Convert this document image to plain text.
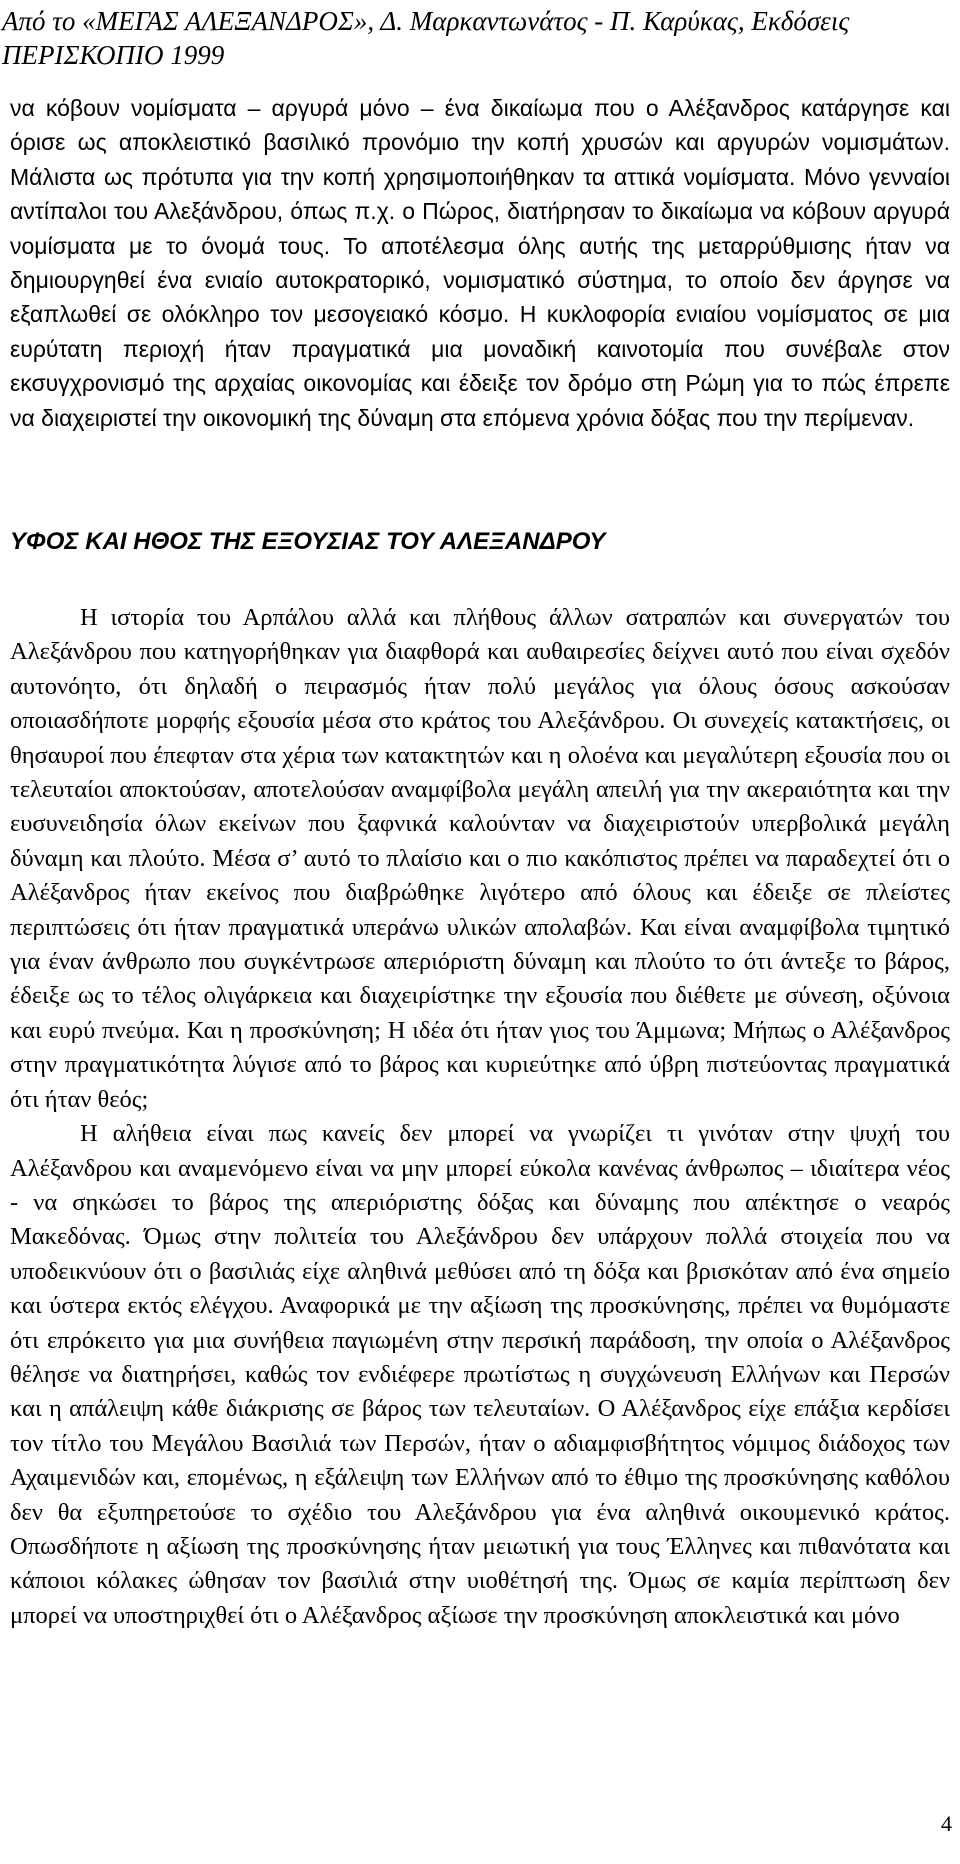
Από το «ΜΕΓΑΣ ΑΛΕΞΑΝΔΡΟΣ», Δ. Μαρκαντωνάτος - Π. Καρύκας, Εκδόσεις
ΠΕΡΙΣΚΟΠΙΟ 1999

να κόβουν νομίσματα – αργυρά μόνο – ένα δικαίωμα που ο Αλέξανδρος κατάργησε και όρισε ως αποκλειστικό βασιλικό προνόμιο την κοπή χρυσών και αργυρών νομισμάτων. Μάλιστα ως πρότυπα για την κοπή χρησιμοποιήθηκαν τα αττικά νομίσματα. Μόνο γενναίοι αντίπαλοι του Αλεξάνδρου, όπως π.χ. ο Πώρος, διατήρησαν το δικαίωμα να κόβουν αργυρά νομίσματα με το όνομά τους. Το αποτέλεσμα όλης αυτής της μεταρρύθμισης ήταν να δημιουργηθεί ένα ενιαίο αυτοκρατορικό, νομισματικό σύστημα, το οποίο δεν άργησε να εξαπλωθεί σε ολόκληρο τον μεσογειακό κόσμο. Η κυκλοφορία ενιαίου νομίσματος σε μια ευρύτατη περιοχή ήταν πραγματικά μια μοναδική καινοτομία που συνέβαλε στον εκσυγχρονισμό της αρχαίας οικονομίας και έδειξε τον δρόμο στη Ρώμη για το πώς έπρεπε να διαχειριστεί την οικονομική της δύναμη στα επόμενα χρόνια δόξας που την περίμεναν.

ΥΦΟΣ ΚΑΙ ΗΘΟΣ ΤΗΣ ΕΞΟΥΣΙΑΣ ΤΟΥ ΑΛΕΞΑΝΔΡΟΥ

Η ιστορία του Αρπάλου αλλά και πλήθους άλλων σατραπών και συνεργατών του Αλεξάνδρου που κατηγορήθηκαν για διαφθορά και αυθαιρεσίες δείχνει αυτό που είναι σχεδόν αυτονόητο, ότι δηλαδή ο πειρασμός ήταν πολύ μεγάλος για όλους όσους ασκούσαν οποιασδήποτε μορφής εξουσία μέσα στο κράτος του Αλεξάνδρου. Οι συνεχείς κατακτήσεις, οι θησαυροί που έπεφταν στα χέρια των κατακτητών και η ολοένα και μεγαλύτερη εξουσία που οι τελευταίοι αποκτούσαν, αποτελούσαν αναμφίβολα μεγάλη απειλή για την ακεραιότητα και την ευσυνειδησία όλων εκείνων που ξαφνικά καλούνταν να διαχειριστούν υπερβολικά μεγάλη δύναμη και πλούτο. Μέσα σ’ αυτό το πλαίσιο και ο πιο κακόπιστος πρέπει να παραδεχτεί ότι ο Αλέξανδρος ήταν εκείνος που διαβρώθηκε λιγότερο από όλους και έδειξε σε πλείστες περιπτώσεις ότι ήταν πραγματικά υπεράνω υλικών απολαβών. Και είναι αναμφίβολα τιμητικό για έναν άνθρωπο που συγκέντρωσε απεριόριστη δύναμη και πλούτο το ότι άντεξε το βάρος, έδειξε ως το τέλος ολιγάρκεια και διαχειρίστηκε την εξουσία που διέθετε με σύνεση, οξύνοια και ευρύ πνεύμα. Και η προσκύνηση; Η ιδέα ότι ήταν γιος του Άμμωνα; Μήπως ο Αλέξανδρος στην πραγματικότητα λύγισε από το βάρος και κυριεύτηκε από ύβρη πιστεύοντας πραγματικά ότι ήταν θεός;

Η αλήθεια είναι πως κανείς δεν μπορεί να γνωρίζει τι γινόταν στην ψυχή του Αλέξανδρου και αναμενόμενο είναι να μην μπορεί εύκολα κανένας άνθρωπος – ιδιαίτερα νέος - να σηκώσει το βάρος της απεριόριστης δόξας και δύναμης που απέκτησε ο νεαρός Μακεδόνας. Όμως στην πολιτεία του Αλεξάνδρου δεν υπάρχουν πολλά στοιχεία που να υποδεικνύουν ότι ο βασιλιάς είχε αληθινά μεθύσει από τη δόξα και βρισκόταν από ένα σημείο και ύστερα εκτός ελέγχου. Αναφορικά με την αξίωση της προσκύνησης, πρέπει να θυμόμαστε ότι επρόκειτο για μια συνήθεια παγιωμένη στην περσική παράδοση, την οποία ο Αλέξανδρος θέλησε να διατηρήσει, καθώς τον ενδιέφερε πρωτίστως η συγχώνευση Ελλήνων και Περσών και η απάλειψη κάθε διάκρισης σε βάρος των τελευταίων. Ο Αλέξανδρος είχε επάξια κερδίσει τον τίτλο του Μεγάλου Βασιλιά των Περσών, ήταν ο αδιαμφισβήτητος νόμιμος διάδοχος των Αχαιμενιδών και, επομένως, η εξάλειψη των Ελλήνων από το έθιμο της προσκύνησης καθόλου δεν θα εξυπηρετούσε το σχέδιο του Αλεξάνδρου για ένα αληθινά οικουμενικό κράτος. Οπωσδήποτε η αξίωση της προσκύνησης ήταν μειωτική για τους Έλληνες και πιθανότατα και κάποιοι κόλακες ώθησαν τον βασιλιά στην υιοθέτησή της. Όμως σε καμία περίπτωση δεν μπορεί να υποστηριχθεί ότι ο Αλέξανδρος αξίωσε την προσκύνηση αποκλειστικά και μόνο

4
